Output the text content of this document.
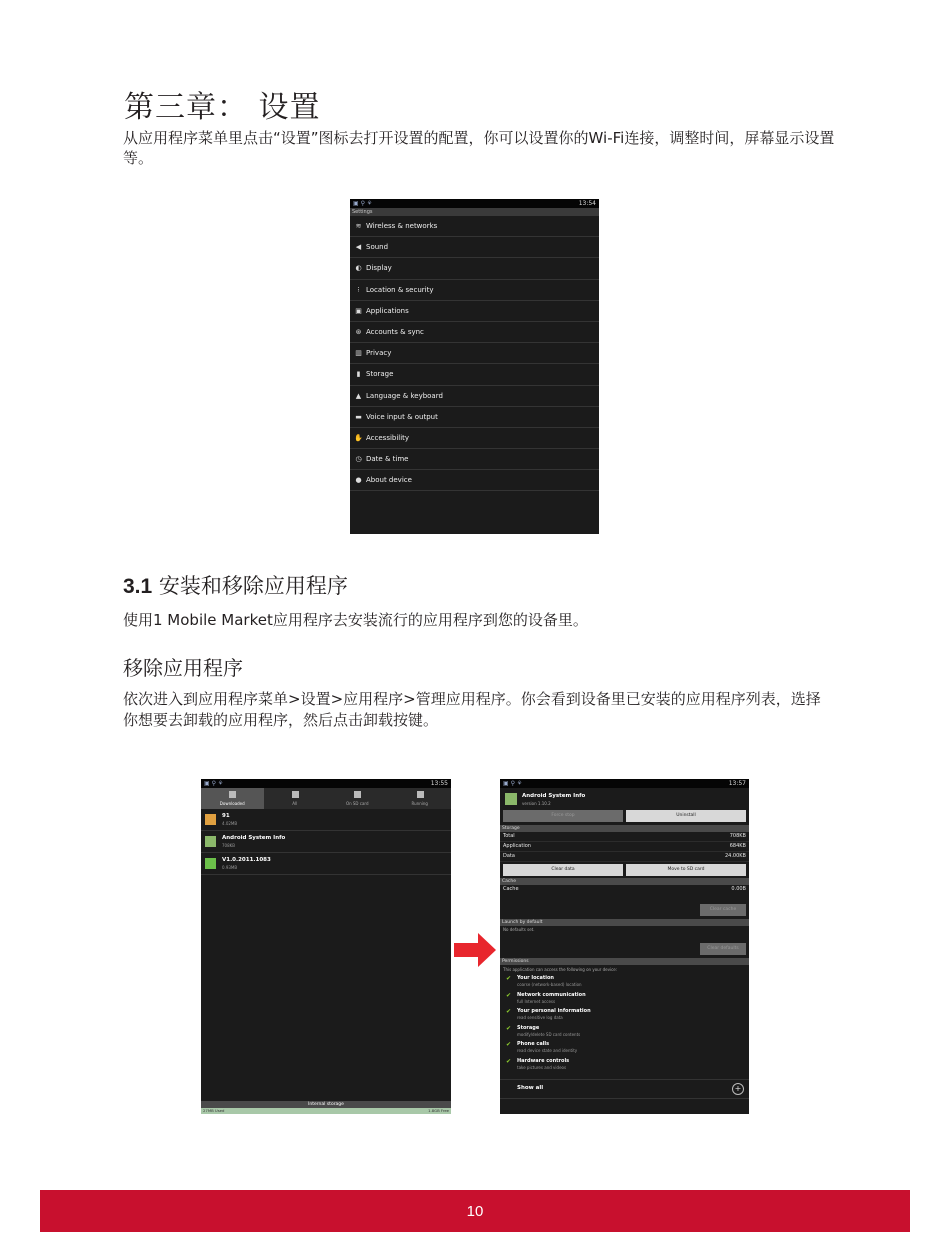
第三章： 设置
从应用程序菜单里点击“设置”图标去打开设置的配置，你可以设置你的Wi-Fi连接，调整时间，屏幕显示设置等。
▣ ⚲ ⚘	13:54
Settings
≋ Wireless & networks
◀ Sound
◐ Display
⁝ Location & security
▣ Applications
⊛ Accounts & sync
▥ Privacy
▮ Storage
▲ Language & keyboard
▬ Voice input & output
✋ Accessibility
◷ Date & time
● About device
3.1 安装和移除应用程序
使用1 Mobile Market应用程序去安装流行的应用程序到您的设备里。
移除应用程序
依次进入到应用程序菜单>设置>应用程序>管理应用程序。你会看到设备里已安装的应用程序列表，选择你想要去卸载的应用程序，然后点击卸载按键。
▣ ⚲ ⚘	13:55
Downloaded	All	On SD card	Running
91
4.02MB
Android System Info
708KB
V1.0.2011.1083
0.93MB
Internal storage
27MB Used	1.8GB Free
▣ ⚲ ⚘	13:57
Android System Info
version 1.10.2
Force stop	Uninstall
Storage
Total	708KB
Application	684KB
Data	24.00KB
Clear data	Move to SD card
Cache
Cache	0.00B
Clear cache
Launch by default
No defaults set.
Clear defaults
Permissions
This application can access the following on your device:
✔ Your location
coarse (network-based) location
✔ Network communication
full Internet access
✔ Your personal information
read sensitive log data
✔ Storage
modify/delete SD card contents
✔ Phone calls
read device state and identity
✔ Hardware controls
take pictures and videos
Show all	+
10
